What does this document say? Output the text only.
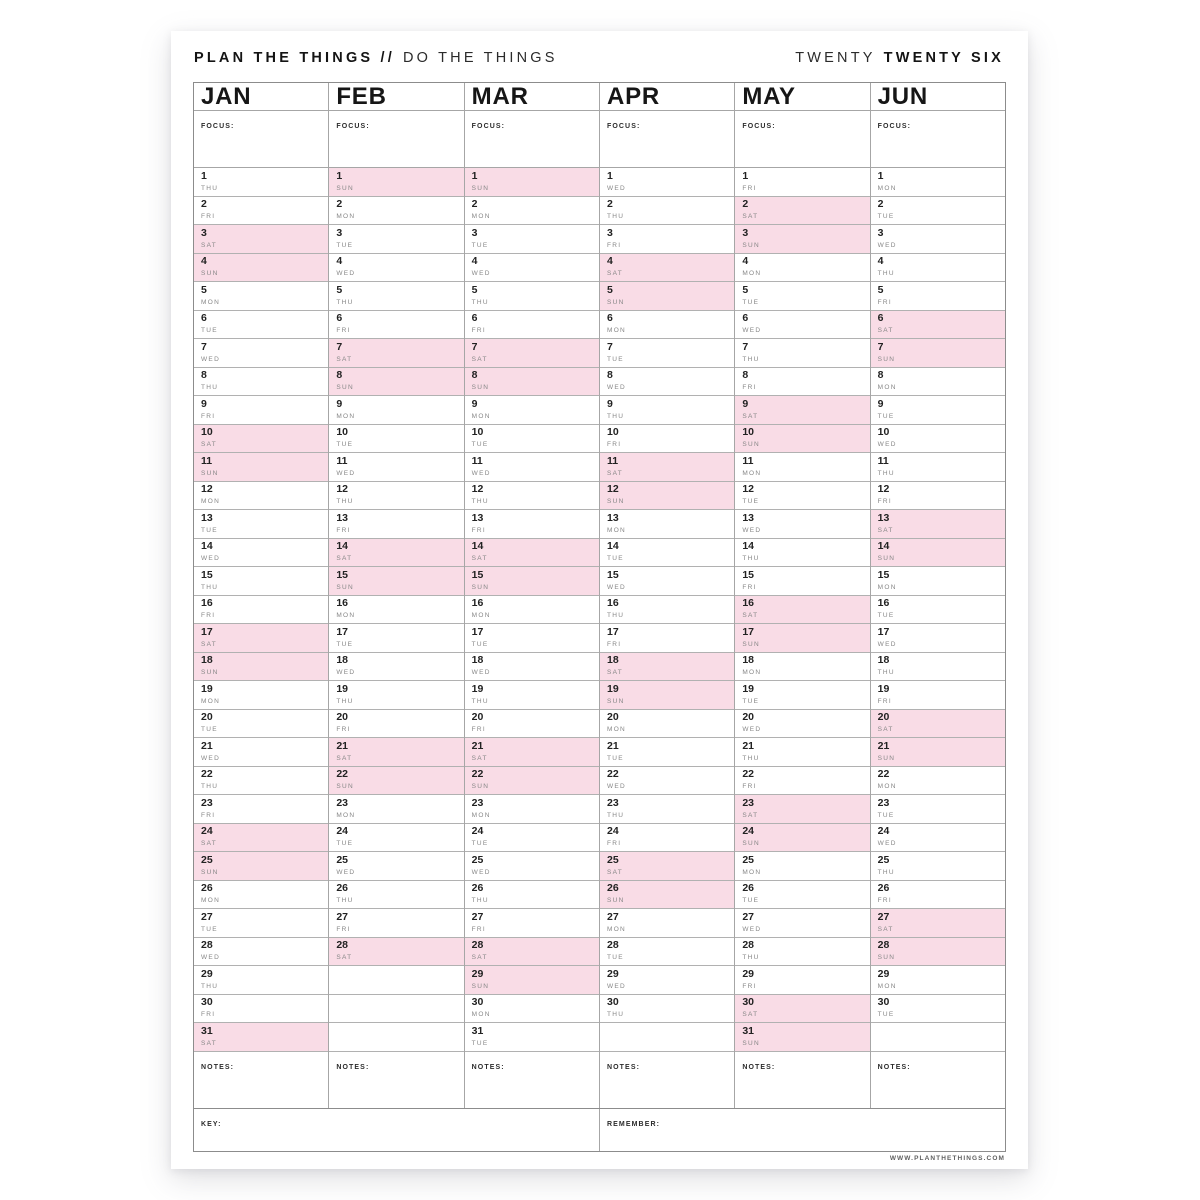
PLAN THE THINGS // DO THE THINGS	TWENTY TWENTY SIX
JAN
FOCUS:
1
THU
2
FRI
3
SAT
4
SUN
5
MON
6
TUE
7
WED
8
THU
9
FRI
10
SAT
11
SUN
12
MON
13
TUE
14
WED
15
THU
16
FRI
17
SAT
18
SUN
19
MON
20
TUE
21
WED
22
THU
23
FRI
24
SAT
25
SUN
26
MON
27
TUE
28
WED
29
THU
30
FRI
31
SAT
NOTES:
FEB
FOCUS:
1
SUN
2
MON
3
TUE
4
WED
5
THU
6
FRI
7
SAT
8
SUN
9
MON
10
TUE
11
WED
12
THU
13
FRI
14
SAT
15
SUN
16
MON
17
TUE
18
WED
19
THU
20
FRI
21
SAT
22
SUN
23
MON
24
TUE
25
WED
26
THU
27
FRI
28
SAT
NOTES:
MAR
FOCUS:
1
SUN
2
MON
3
TUE
4
WED
5
THU
6
FRI
7
SAT
8
SUN
9
MON
10
TUE
11
WED
12
THU
13
FRI
14
SAT
15
SUN
16
MON
17
TUE
18
WED
19
THU
20
FRI
21
SAT
22
SUN
23
MON
24
TUE
25
WED
26
THU
27
FRI
28
SAT
29
SUN
30
MON
31
TUE
NOTES:
APR
FOCUS:
1
WED
2
THU
3
FRI
4
SAT
5
SUN
6
MON
7
TUE
8
WED
9
THU
10
FRI
11
SAT
12
SUN
13
MON
14
TUE
15
WED
16
THU
17
FRI
18
SAT
19
SUN
20
MON
21
TUE
22
WED
23
THU
24
FRI
25
SAT
26
SUN
27
MON
28
TUE
29
WED
30
THU
NOTES:
MAY
FOCUS:
1
FRI
2
SAT
3
SUN
4
MON
5
TUE
6
WED
7
THU
8
FRI
9
SAT
10
SUN
11
MON
12
TUE
13
WED
14
THU
15
FRI
16
SAT
17
SUN
18
MON
19
TUE
20
WED
21
THU
22
FRI
23
SAT
24
SUN
25
MON
26
TUE
27
WED
28
THU
29
FRI
30
SAT
31
SUN
NOTES:
JUN
FOCUS:
1
MON
2
TUE
3
WED
4
THU
5
FRI
6
SAT
7
SUN
8
MON
9
TUE
10
WED
11
THU
12
FRI
13
SAT
14
SUN
15
MON
16
TUE
17
WED
18
THU
19
FRI
20
SAT
21
SUN
22
MON
23
TUE
24
WED
25
THU
26
FRI
27
SAT
28
SUN
29
MON
30
TUE
NOTES:
KEY:	REMEMBER:
WWW.PLANTHETHINGS.COM
